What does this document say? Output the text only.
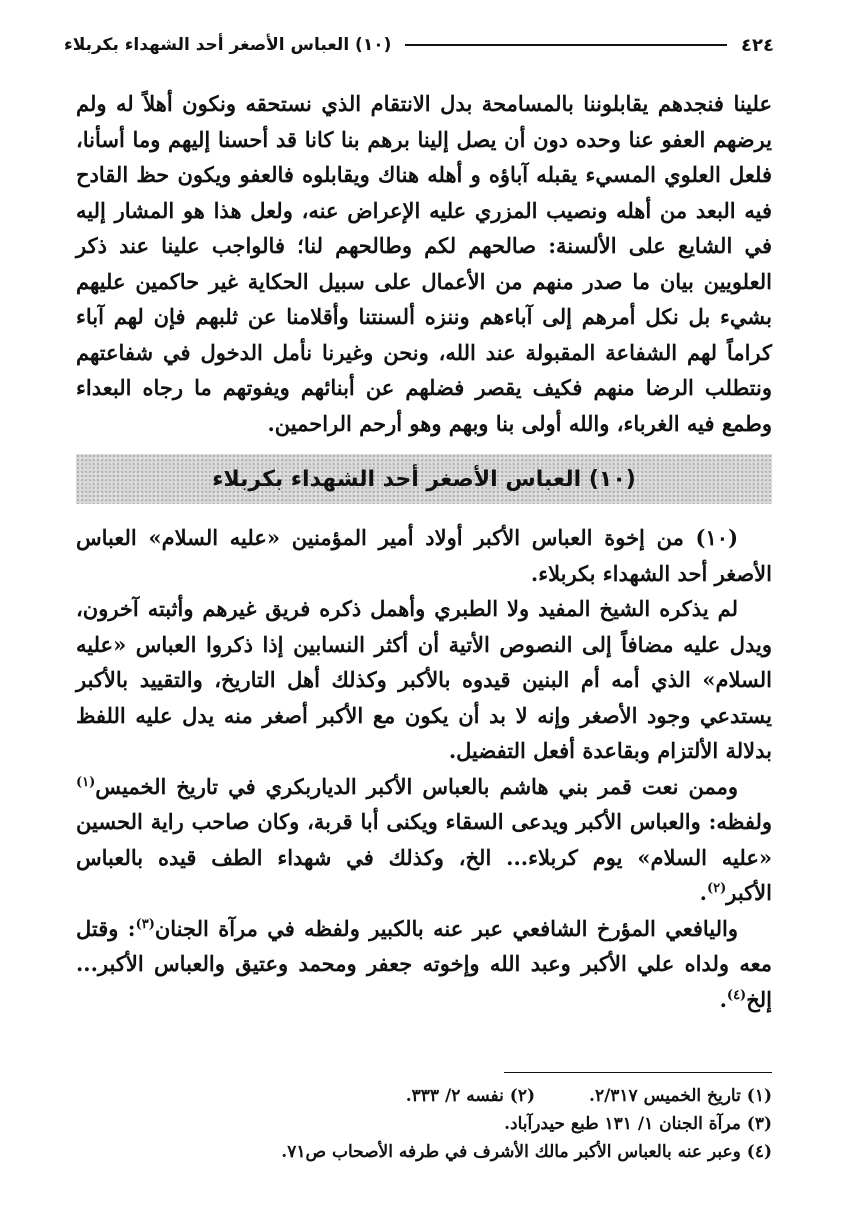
٤٢٤
(١٠) العباس الأصغر أحد الشهداء بكربلاء

علينا فنجدهم يقابلوننا بالمسامحة بدل الانتقام الذي نستحقه ونكون أهلاً له ولم يرضهم العفو عنا وحده دون أن يصل إلينا برهم بنا كانا قد أحسنا إليهم وما أسأنا، فلعل العلوي المسيء يقبله آباؤه و أهله هناك ويقابلوه فالعفو ويكون حظ القادح فيه البعد من أهله ونصيب المزري عليه الإعراض عنه، ولعل هذا هو المشار إليه في الشايع على الألسنة: صالحهم لكم وطالحهم لنا؛ فالواجب علينا عند ذكر العلويين بيان ما صدر منهم من الأعمال على سبيل الحكاية غير حاكمين عليهم بشيء بل نكل أمرهم إلى آباءهم وننزه ألسنتنا وأقلامنا عن ثلبهم فإن لهم آباء كراماً لهم الشفاعة المقبولة عند الله، ونحن وغيرنا نأمل الدخول في شفاعتهم ونتطلب الرضا منهم فكيف يقصر فضلهم عن أبنائهم ويفوتهم ما رجاه البعداء وطمع فيه الغرباء، والله أولى بنا وبهم وهو أرحم الراحمين.

(١٠) العباس الأصغر أحد الشهداء بكربلاء

(١٠) من إخوة العباس الأكبر أولاد أمير المؤمنين «عليه السلام» العباس الأصغر أحد الشهداء بكربلاء.

لم يذكره الشيخ المفيد ولا الطبري وأهمل ذكره فريق غيرهم وأثبته آخرون، ويدل عليه مضافاً إلى النصوص الأتية أن أكثر النسابين إذا ذكروا العباس «عليه السلام» الذي أمه أم البنين قيدوه بالأكبر وكذلك أهل التاريخ، والتقييد بالأكبر يستدعي وجود الأصغر وإنه لا بد أن يكون مع الأكبر أصغر منه يدل عليه اللفظ بدلالة الألتزام وبقاعدة أفعل التفضيل.

وممن نعت قمر بني هاشم بالعباس الأكبر الدياربكري في تاريخ الخميس$^{(١)}$ ولفظه: والعباس الأكبر ويدعى السقاء ويكنى أبا قربة، وكان صاحب راية الحسين «عليه السلام» يوم كربلاء... الخ، وكذلك في شهداء الطف قيده بالعباس الأكبر$^{(٢)}$.

واليافعي المؤرخ الشافعي عبر عنه بالكبير ولفظه في مرآة الجنان$^{(٣)}$: وقتل معه ولداه علي الأكبر وعبد الله وإخوته جعفر ومحمد وعتيق والعباس الأكبر... إلخ$^{(٤)}$.

(١) تاريخ الخميس ٢/٣١٧.
(٢) نفسه ٢/ ٣٣٣.
(٣) مرآة الجنان ١/ ١٣١ طبع حيدرآباد.
(٤) وعبر عنه بالعباس الأكبر مالك الأشرف في طرفه الأصحاب ص٧١.
